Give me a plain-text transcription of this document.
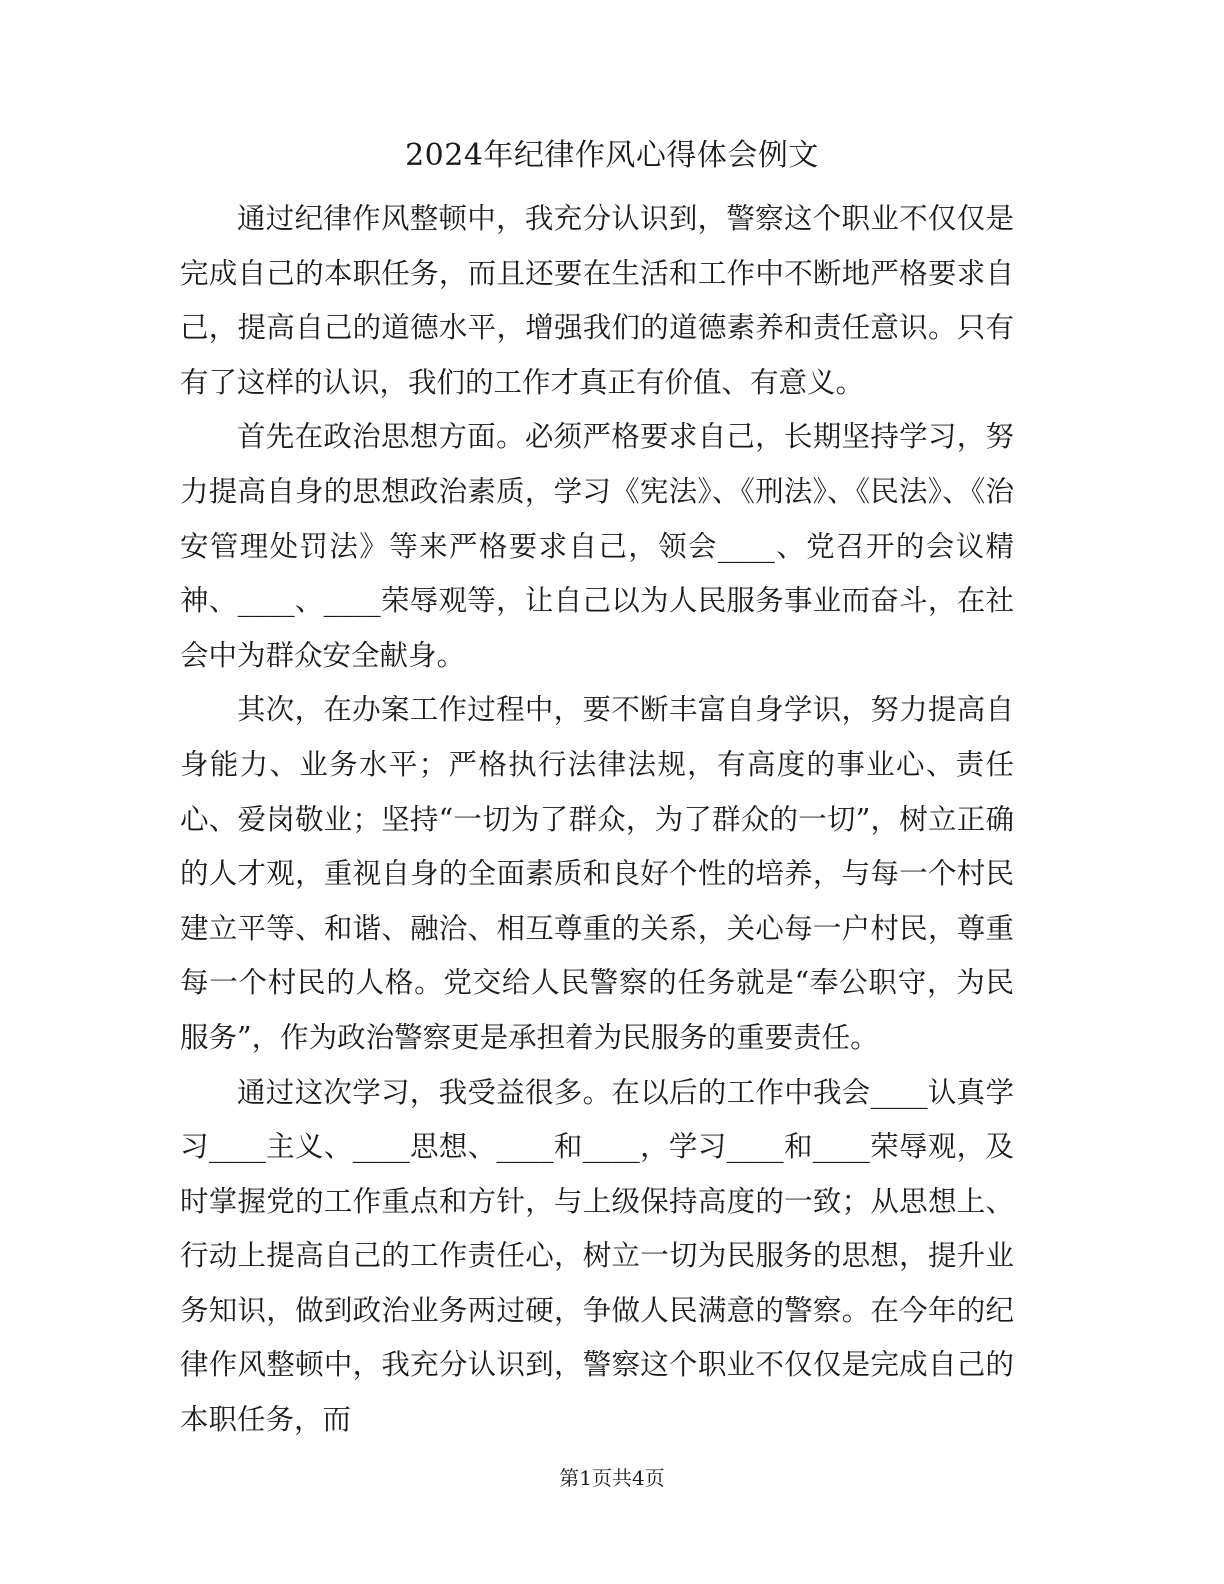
2024年纪律作风心得体会例文

通过纪律作风整顿中，我充分认识到，警察这个职业不仅仅是完成自己的本职任务，而且还要在生活和工作中不断地严格要求自己，提高自己的道德水平，增强我们的道德素养和责任意识。只有有了这样的认识，我们的工作才真正有价值、有意义。

首先在政治思想方面。必须严格要求自己，长期坚持学习，努力提高自身的思想政治素质，学习《宪法》、《刑法》、《民法》、《治安管理处罚法》等来严格要求自己，领会____、党召开的会议精神、____、____荣辱观等，让自己以为人民服务事业而奋斗，在社会中为群众安全献身。

其次，在办案工作过程中，要不断丰富自身学识，努力提高自身能力、业务水平；严格执行法律法规，有高度的事业心、责任心、爱岗敬业；坚持“一切为了群众，为了群众的一切”，树立正确的人才观，重视自身的全面素质和良好个性的培养，与每一个村民建立平等、和谐、融洽、相互尊重的关系，关心每一户村民，尊重每一个村民的人格。党交给人民警察的任务就是“奉公职守，为民服务”，作为政治警察更是承担着为民服务的重要责任。

通过这次学习，我受益很多。在以后的工作中我会____认真学习____主义、____思想、____和____，学习____和____荣辱观，及时掌握党的工作重点和方针，与上级保持高度的一致；从思想上、行动上提高自己的工作责任心，树立一切为民服务的思想，提升业务知识，做到政治业务两过硬，争做人民满意的警察。在今年的纪律作风整顿中，我充分认识到，警察这个职业不仅仅是完成自己的本职任务，而

第1页共4页
